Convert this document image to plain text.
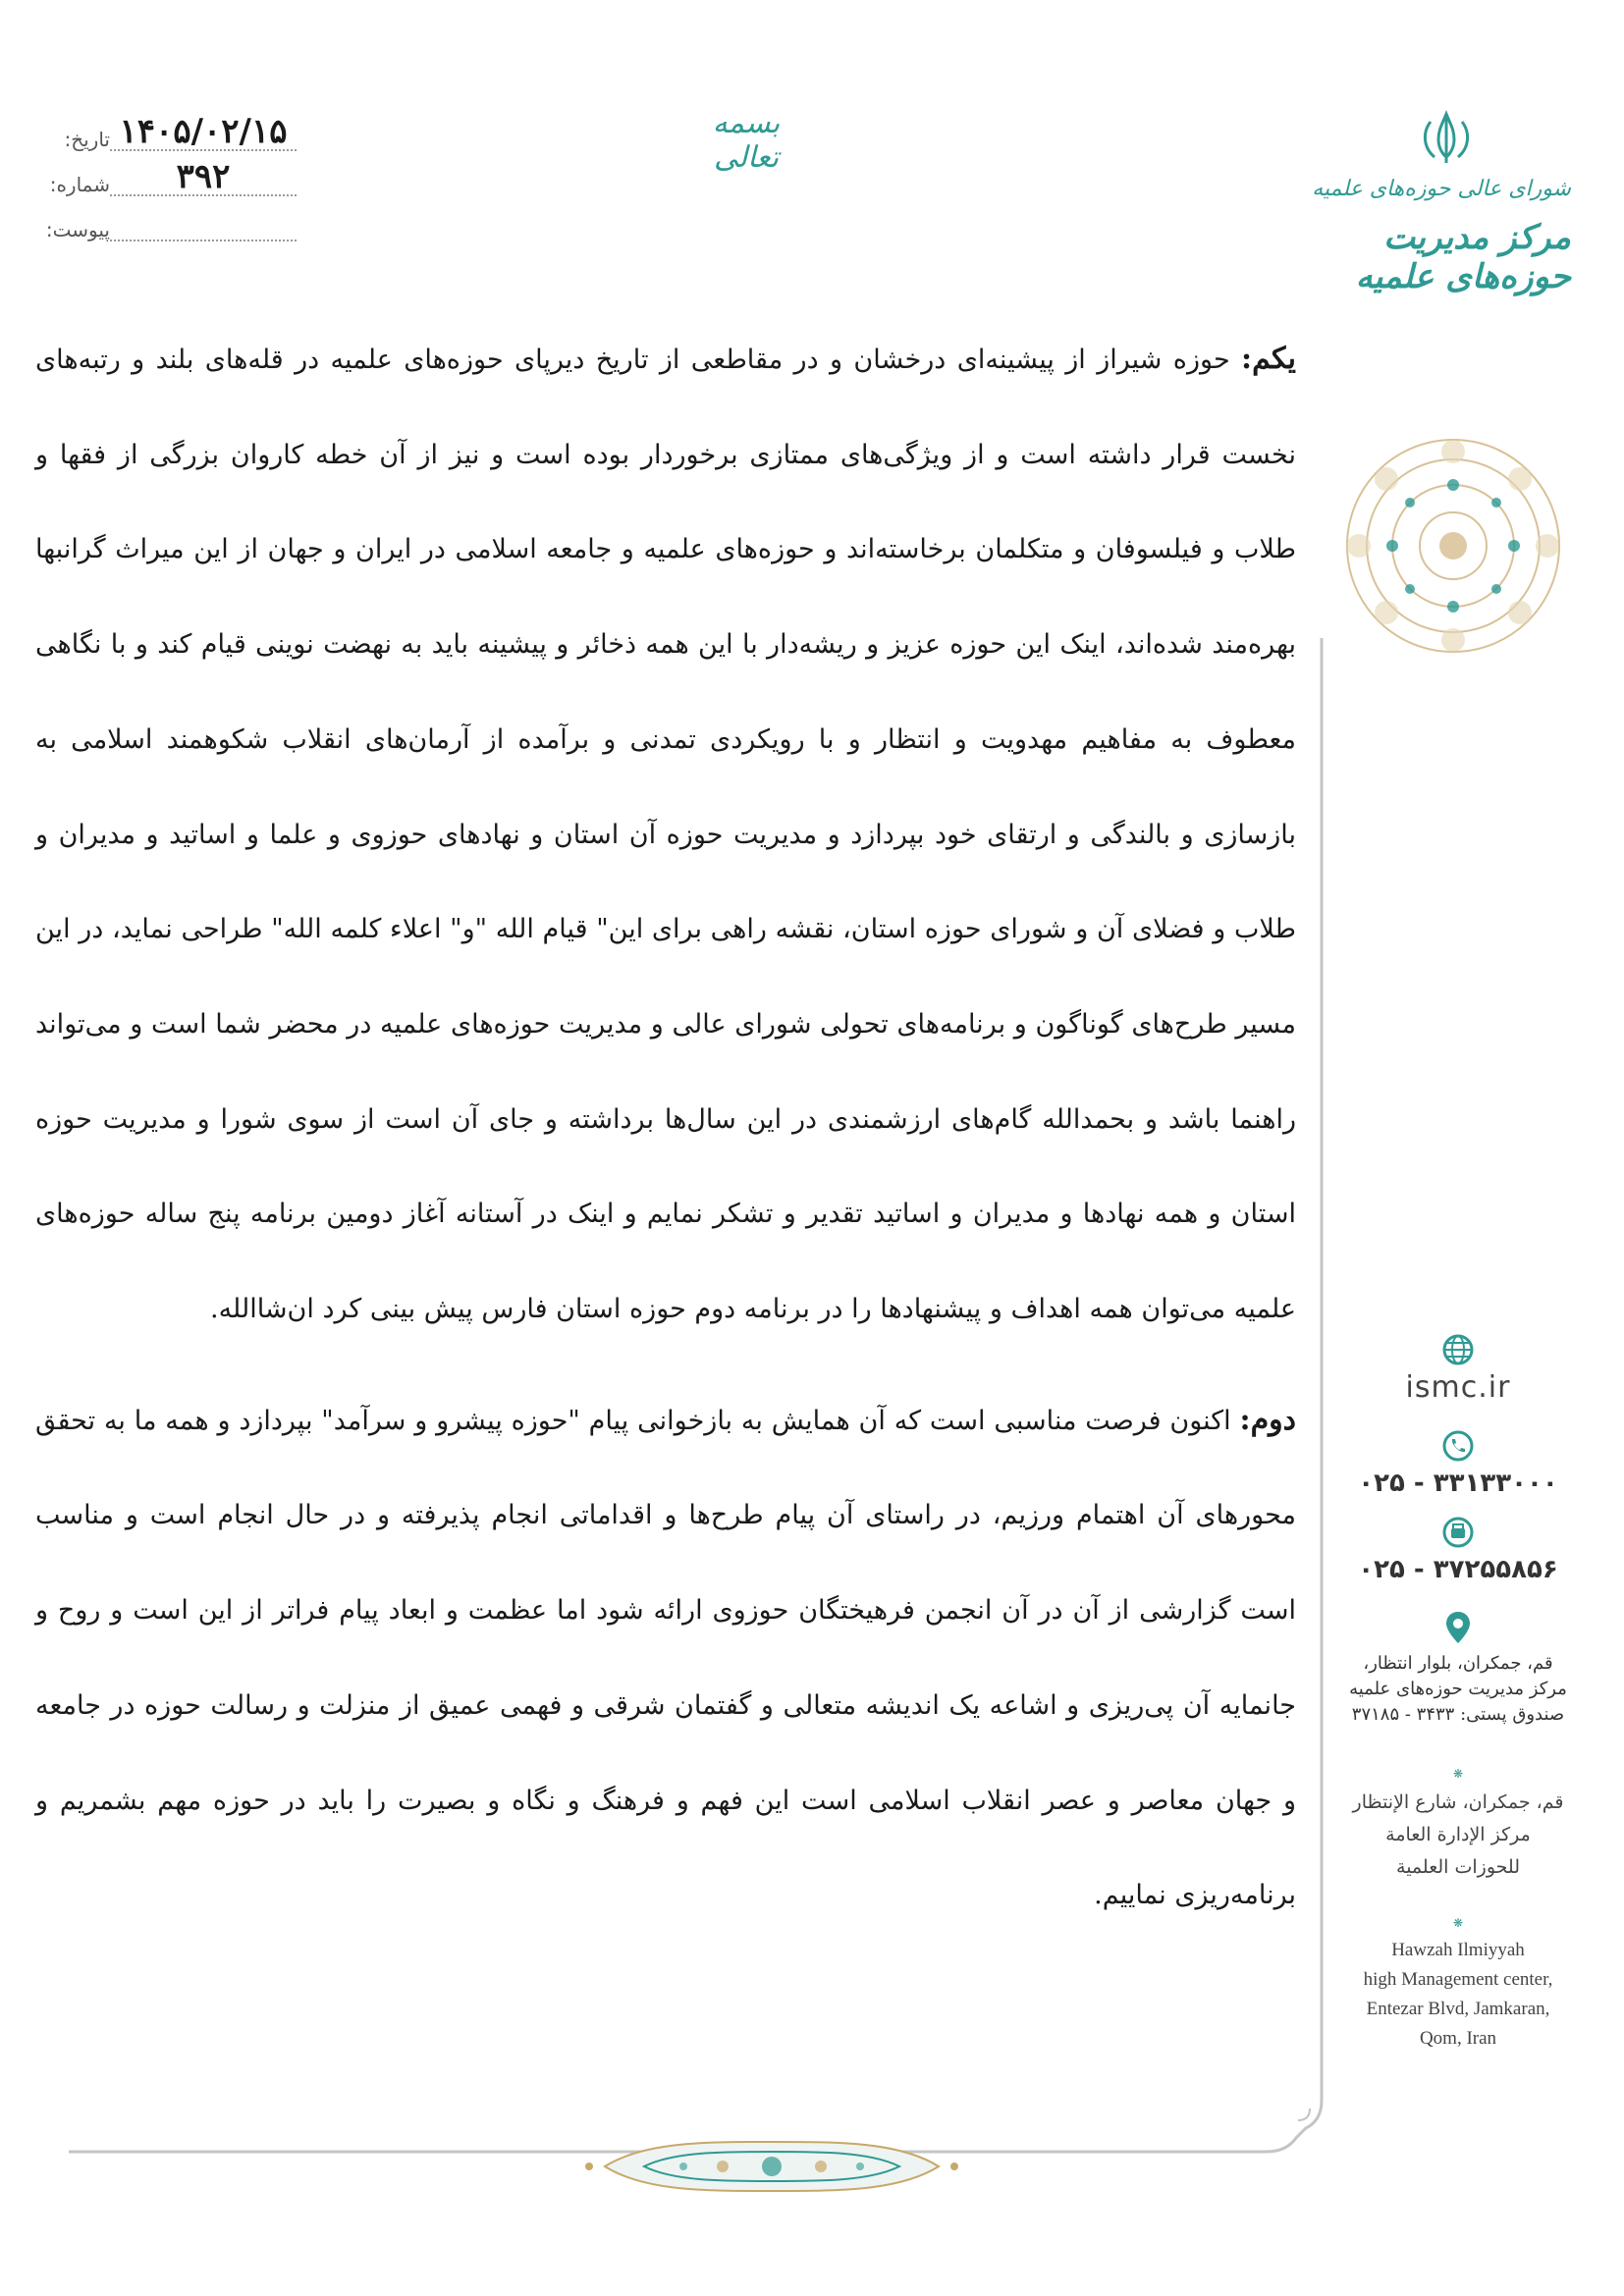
تاریخ: ۱۴۰۵/۰۲/۱۵
شماره:	۳۹۲
پیوست:
بسمه تعالی
شورای عالی حوزه‌های علمیه
مرکز مدیریت حوزه‌های علمیه

یکم: حوزه شیراز از پیشینه‌ای درخشان و در مقاطعی از تاریخ دیرپای حوزه‌های علمیه در قله‌های بلند و رتبه‌های نخست قرار داشته است و از ویژگی‌های ممتازی برخوردار بوده است و نیز از آن خطه کاروان بزرگی از فقها و طلاب و فیلسوفان و متکلمان برخاسته‌اند و حوزه‌های علمیه و جامعه اسلامی در ایران و جهان از این میراث گرانبها بهره‌مند شده‌اند، اینک این حوزه عزیز و ریشه‌دار با این همه ذخائر و پیشینه باید به نهضت نوینی قیام کند و با نگاهی معطوف به مفاهیم مهدویت و انتظار و با رویکردی تمدنی و برآمده از آرمان‌های انقلاب شکوهمند اسلامی به بازسازی و بالندگی و ارتقای خود بپردازد و مدیریت حوزه آن استان و نهادهای حوزوی و علما و اساتید و مدیران و طلاب و فضلای آن و شورای حوزه استان، نقشه راهی برای این" قیام الله "و" اعلاء کلمه الله" طراحی نماید، در این مسیر طرح‌های گوناگون و برنامه‌های تحولی شورای عالی و مدیریت حوزه‌های علمیه در محضر شما است و می‌تواند راهنما باشد و بحمدالله گام‌های ارزشمندی در این سال‌ها برداشته و جای آن است از سوی شورا و مدیریت حوزه استان و همه نهادها و مدیران و اساتید تقدیر و تشکر نمایم و اینک در آستانه آغاز دومین برنامه پنج ساله حوزه‌های علمیه می‌توان همه اهداف و پیشنهادها را در برنامه دوم حوزه استان فارس پیش بینی کرد ان‌شاالله.

دوم: اکنون فرصت مناسبی است که آن همایش به بازخوانی پیام "حوزه پیشرو و سرآمد" بپردازد و همه ما به تحقق محورهای آن اهتمام ورزیم، در راستای آن پیام طرح‌ها و اقداماتی انجام پذیرفته و در حال انجام است و مناسب است گزارشی از آن در آن انجمن فرهیختگان حوزوی ارائه شود اما عظمت و ابعاد پیام فراتر از این است و روح و جانمایه آن پی‌ریزی و اشاعه یک اندیشه متعالی و گفتمان شرقی و فهمی عمیق از منزلت و رسالت حوزه در جامعه و جهان معاصر و عصر انقلاب اسلامی است این فهم و فرهنگ و نگاه و بصیرت را باید در حوزه مهم بشمریم و برنامه‌ریزی نماییم.

ismc.ir
۰۲۵ - ۳۳۱۳۳۰۰۰
۰۲۵ - ۳۷۲۵۵۸۵۶
قم، جمکران، بلوار انتظار،
مرکز مدیریت حوزه‌های علمیه
صندوق پستی: ۳۴۳۳ - ۳۷۱۸۵
❋
قم، جمکران، شارع الإنتظار
مرکز الإدارة العامة
للحوزات العلمية
❋
Hawzah Ilmiyyah
high Management center,
Entezar Blvd, Jamkaran,
Qom, Iran
